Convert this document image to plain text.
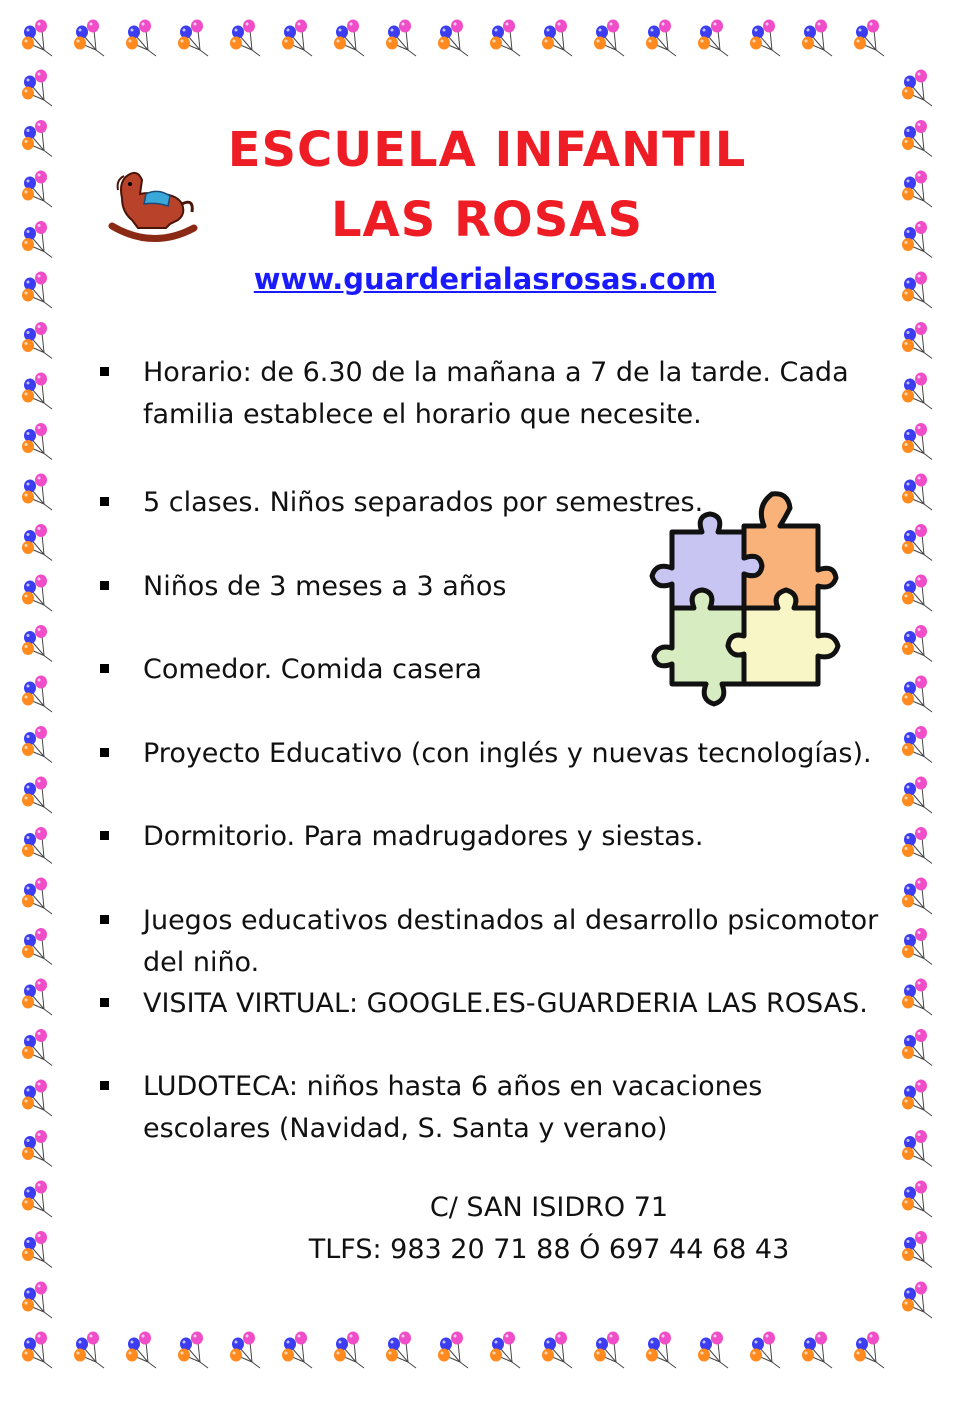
ESCUELA INFANTIL
LAS ROSAS
www.guarderialasrosas.com
Horario: de 6.30 de la mañana a 7 de la tarde. Cada familia establece el horario que necesite.
5 clases. Niños separados por semestres.
Niños de 3 meses a 3 años
Comedor. Comida casera
Proyecto Educativo (con inglés y nuevas tecnologías).
Dormitorio. Para madrugadores y siestas.
Juegos educativos destinados al desarrollo psicomotor del niño.
VISITA VIRTUAL: GOOGLE.ES-GUARDERIA LAS ROSAS.
LUDOTECA: niños hasta 6 años en vacaciones escolares (Navidad, S. Santa y verano)
C/ SAN ISIDRO 71
TLFS: 983 20 71 88 Ó 697 44 68 43
